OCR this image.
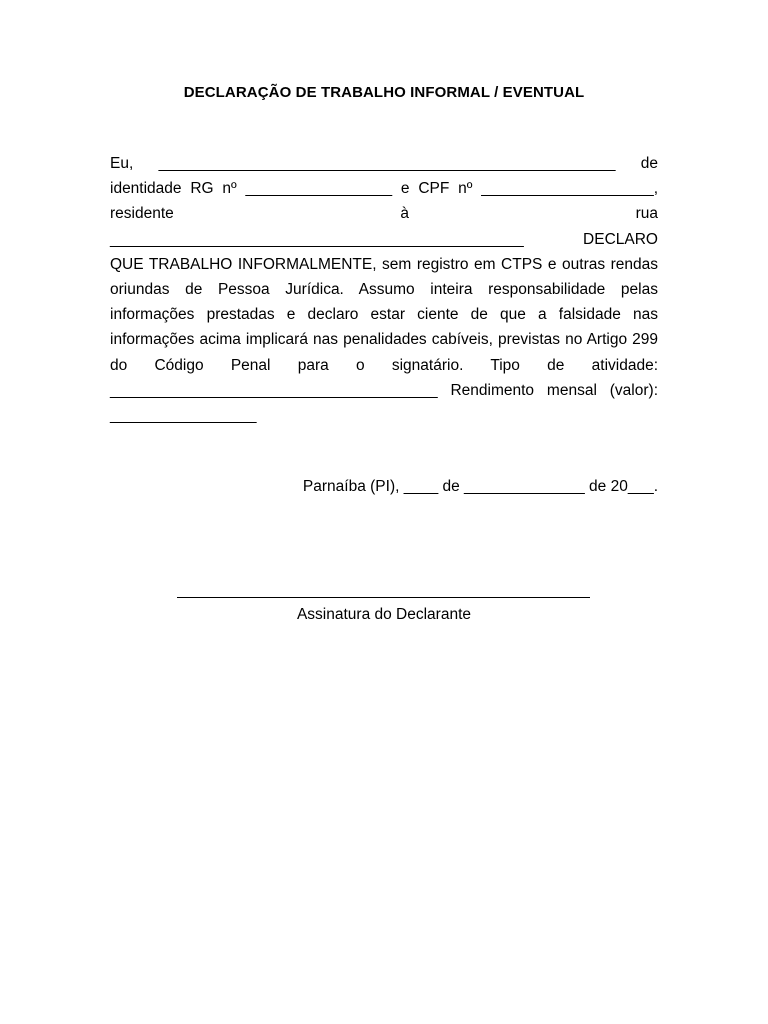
DECLARAÇÃO DE TRABALHO INFORMAL / EVENTUAL
Eu, _____________________________________________________ de
identidade RG nº _________________ e CPF nº ____________________,
residente à rua
________________________________________________ DECLARO
QUE TRABALHO INFORMALMENTE, sem registro em CTPS e outras rendas
oriundas de Pessoa Jurídica. Assumo inteira responsabilidade pelas
informações prestadas e declaro estar ciente de que a falsidade nas
informações acima implicará nas penalidades cabíveis, previstas no Artigo 299
do Código Penal para o signatário. Tipo de atividade:
______________________________________ Rendimento mensal (valor):
_________________
Parnaíba (PI), ____ de ______________ de 20___.
Assinatura do Declarante
